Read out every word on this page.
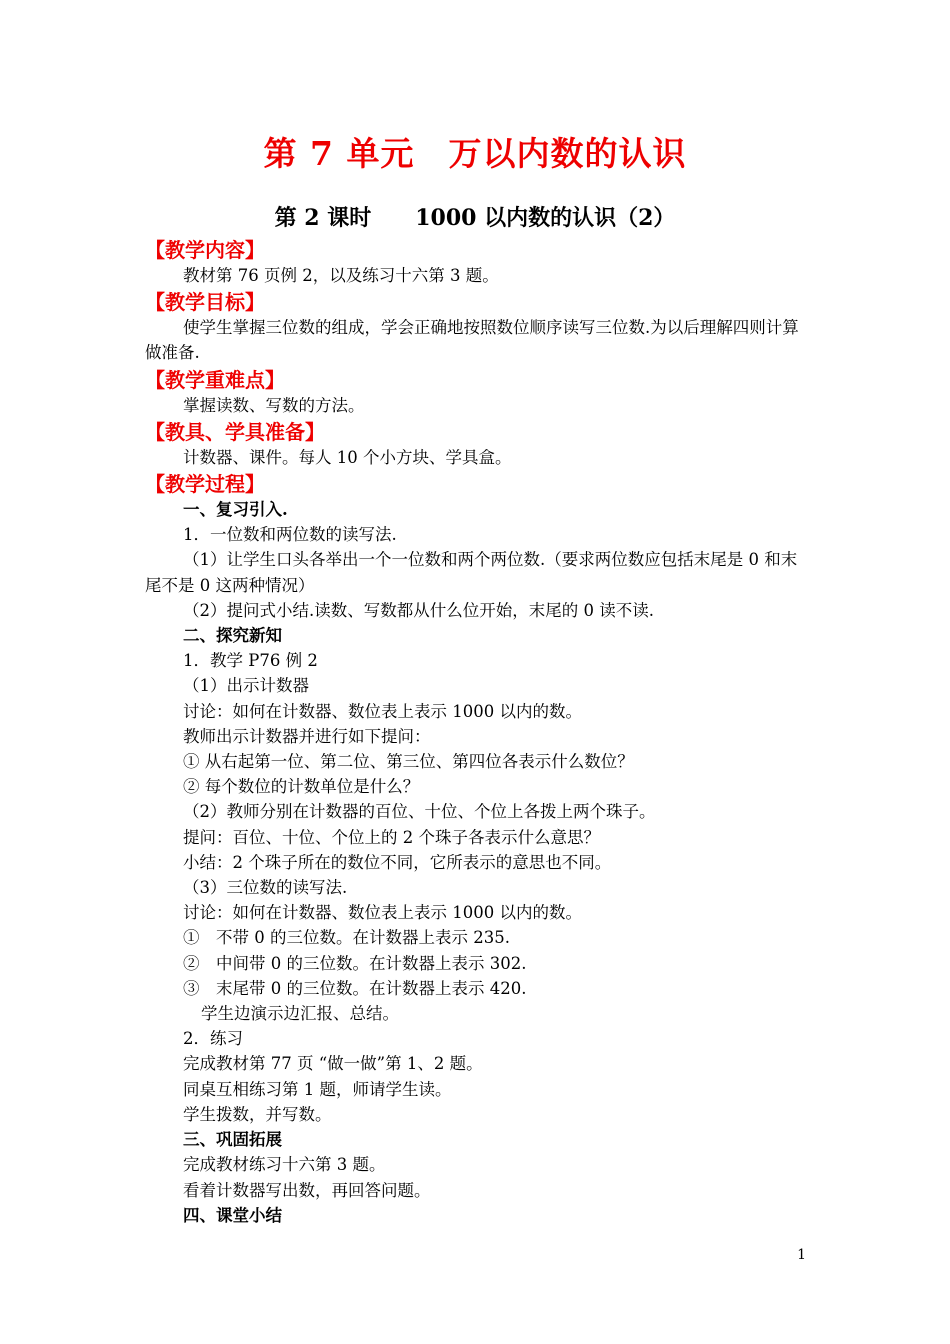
第 7 单元　万以内数的认识
第 2 课时　　1000 以内数的认识（2）
【教学内容】

教材第 76 页例 2，以及练习十六第 3 题。

【教学目标】

使学生掌握三位数的组成，学会正确地按照数位顺序读写三位数.为以后理解四则计算做准备.

【教学重难点】

掌握读数、写数的方法。

【教具、学具准备】

计数器、课件。每人 10 个小方块、学具盒。

【教学过程】

一、复习引入.

1．一位数和两位数的读写法.

（1）让学生口头各举出一个一位数和两个两位数.（要求两位数应包括末尾是 0 和末尾不是 0 这两种情况）

（2）提问式小结.读数、写数都从什么位开始，末尾的 0 读不读.

二、探究新知

1．教学 P76 例 2

（1）出示计数器

讨论：如何在计数器、数位表上表示 1000 以内的数。

教师出示计数器并进行如下提问：

① 从右起第一位、第二位、第三位、第四位各表示什么数位？

② 每个数位的计数单位是什么？

（2）教师分别在计数器的百位、十位、个位上各拨上两个珠子。

提问：百位、十位、个位上的 2 个珠子各表示什么意思？

小结：2 个珠子所在的数位不同，它所表示的意思也不同。

（3）三位数的读写法.

讨论：如何在计数器、数位表上表示 1000 以内的数。

①　不带 0 的三位数。在计数器上表示 235.

②　中间带 0 的三位数。在计数器上表示 302.

③　末尾带 0 的三位数。在计数器上表示 420.

学生边演示边汇报、总结。

2．练习

完成教材第 77 页 “做一做”第 1、2 题。

同桌互相练习第 1 题，师请学生读。

学生拨数，并写数。

三、巩固拓展

完成教材练习十六第 3 题。

看着计数器写出数，再回答问题。

四、课堂小结

1
